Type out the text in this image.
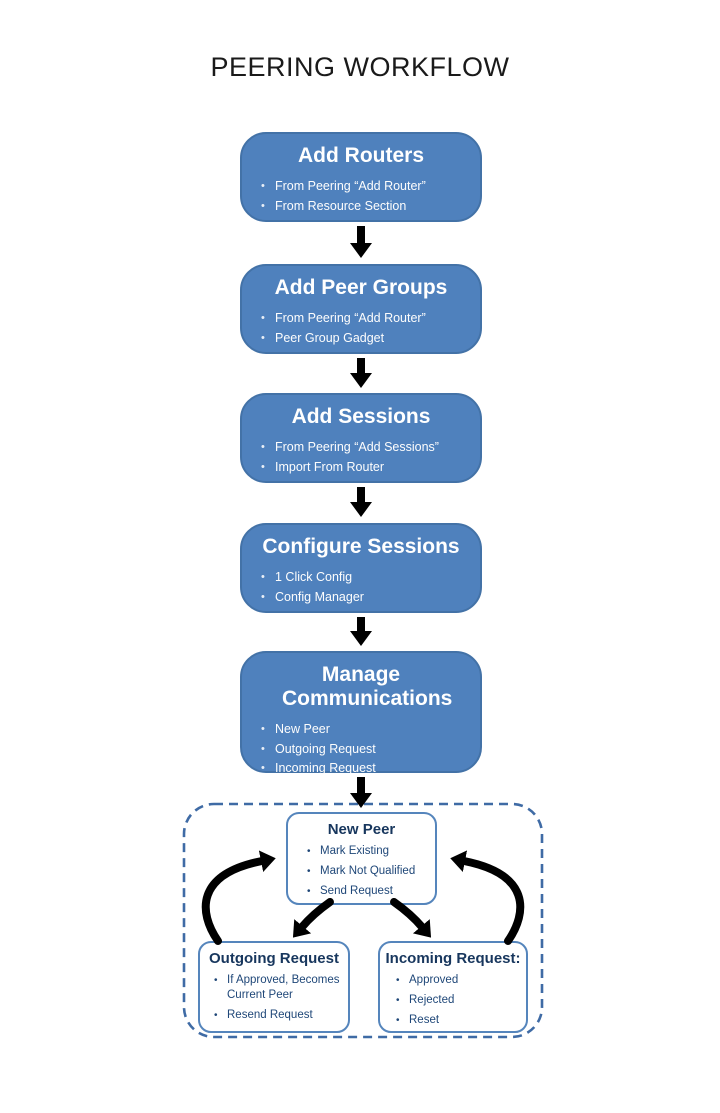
PEERING WORKFLOW
Add Routers
• From Peering “Add Router”
• From Resource Section
Add Peer Groups
• From Peering “Add Router”
• Peer Group Gadget
Add Sessions
• From Peering “Add Sessions”
• Import From Router
Configure Sessions
• 1 Click Config
• Config Manager
Manage Communications
• New Peer
• Outgoing Request
• Incoming Request
New Peer
• Mark Existing
• Mark Not Qualified
• Send Request
Outgoing Request
• If Approved, Becomes Current Peer
• Resend Request
Incoming Request:
• Approved
• Rejected
• Reset
